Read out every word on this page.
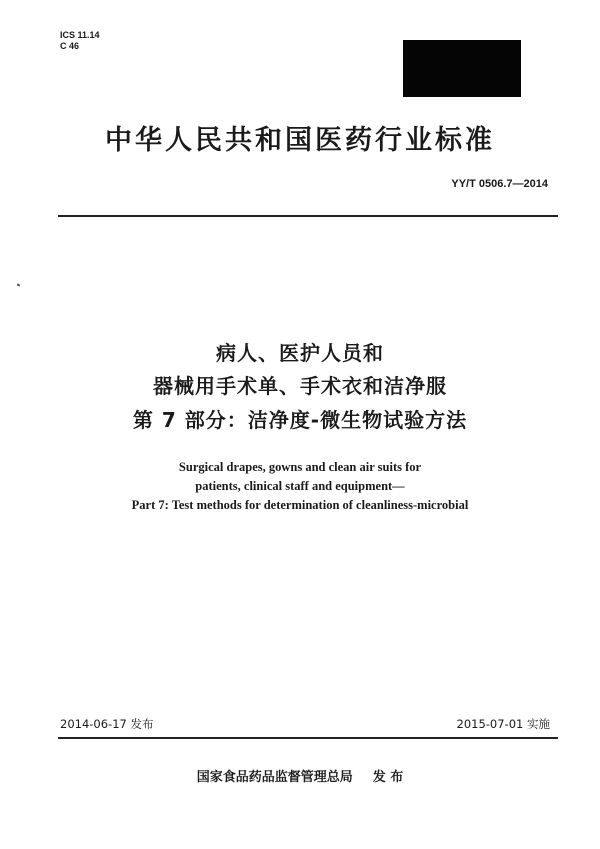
ICS 11.14
C 46
中华人民共和国医药行业标准
YY/T 0506.7—2014
病人、医护人员和
器械用手术单、手术衣和洁净服
第 7 部分：洁净度-微生物试验方法
Surgical drapes, gowns and clean air suits for
patients, clinical staff and equipment—
Part 7: Test methods for determination of cleanliness-microbial
2014-06-17 发布	2015-07-01 实施
国家食品药品监督管理总局 发 布
